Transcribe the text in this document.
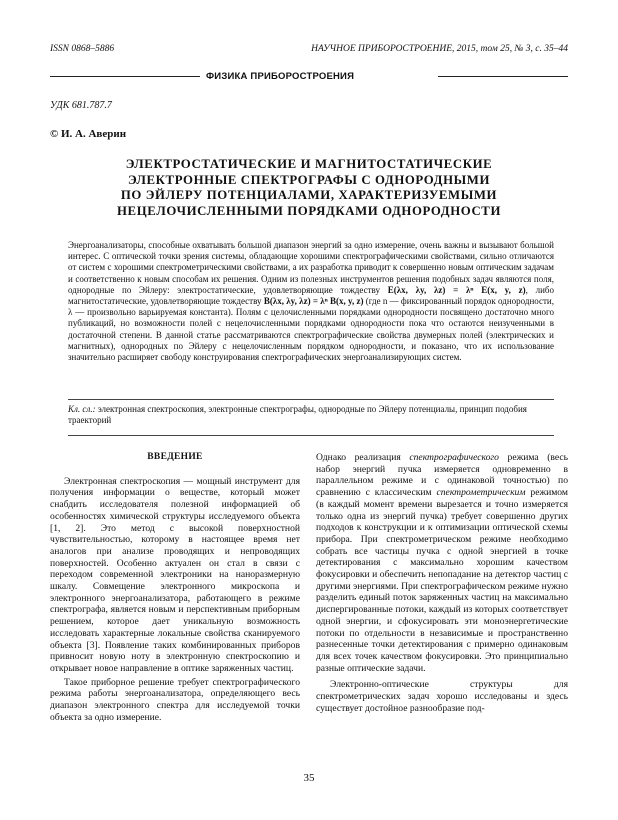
ISSN 0868–5886	НАУЧНОЕ ПРИБОРОСТРОЕНИЕ, 2015, том 25, № 3, с. 35–44
ФИЗИКА ПРИБОРОСТРОЕНИЯ
УДК 681.787.7
© И. А. Аверин
ЭЛЕКТРОСТАТИЧЕСКИЕ И МАГНИТОСТАТИЧЕСКИЕ
ЭЛЕКТРОННЫЕ СПЕКТРОГРАФЫ С ОДНОРОДНЫМИ
ПО ЭЙЛЕРУ ПОТЕНЦИАЛАМИ, ХАРАКТЕРИЗУЕМЫМИ
НЕЦЕЛОЧИСЛЕННЫМИ ПОРЯДКАМИ ОДНОРОДНОСТИ
Энергоанализаторы, способные охватывать большой диапазон энергий за одно измерение, очень важны и вызывают большой интерес. С оптической точки зрения системы, обладающие хорошими спектрографическими свойствами, сильно отличаются от систем с хорошими спектрометрическими свойствами, а их разработка приводит к совершенно новым оптическим задачам и соответственно к новым способам их решения. Одним из полезных инструментов решения подобных задач являются поля, однородные по Эйлеру: электростатические, удовлетворяющие тождеству E(λx, λy, λz) = λⁿ E(x, y, z), либо магнитостатические, удовлетворяющие тождеству B(λx, λy, λz) = λⁿ B(x, y, z) (где n — фиксированный порядок однородности, λ — произвольно варьируемая константа). Полям с целочисленными порядками однородности посвящено достаточно много публикаций, но возможности полей с нецелочисленными порядками однородности пока что остаются неизученными в достаточной степени. В данной статье рассматриваются спектрографические свойства двумерных полей (электрических и магнитных), однородных по Эйлеру с нецелочисленным порядком однородности, и показано, что их использование значительно расширяет свободу конструирования спектрографических энергоанализирующих систем.
Кл. сл.: электронная спектроскопия, электронные спектрографы, однородные по Эйлеру потенциалы, принцип подобия траекторий
ВВЕДЕНИЕ

Электронная спектроскопия — мощный инструмент для получения информации о веществе, который может снабдить исследователя полезной информацией об особенностях химической структуры исследуемого объекта [1, 2]. Это метод с высокой поверхностной чувствительностью, которому в настоящее время нет аналогов при анализе проводящих и непроводящих поверхностей. Особенно актуален он стал в связи с переходом современной электроники на наноразмерную шкалу. Совмещение электронного микроскопа и электронного энергоанализатора, работающего в режиме спектрографа, является новым и перспективным приборным решением, которое дает уникальную возможность исследовать характерные локальные свойства сканируемого объекта [3]. Появление таких комбинированных приборов привносит новую ноту в электронную спектроскопию и открывает новое направление в оптике заряженных частиц.

Такое приборное решение требует спектрографического режима работы энергоанализатора, определяющего весь диапазон электронного спектра для исследуемой точки объекта за одно измерение.

Однако реализация спектрографического режима (весь набор энергий пучка измеряется одновременно в параллельном режиме и с одинаковой точностью) по сравнению с классическим спектрометрическим режимом (в каждый момент времени вырезается и точно измеряется только одна из энергий пучка) требует совершенно других подходов к конструкции и к оптимизации оптической схемы прибора. При спектрометрическом режиме необходимо собрать все частицы пучка с одной энергией в точке детектирования с максимально хорошим качеством фокусировки и обеспечить непопадание на детектор частиц с другими энергиями. При спектрографическом режиме нужно разделить единый поток заряженных частиц на максимально диспергированные потоки, каждый из которых соответствует одной энергии, и сфокусировать эти моноэнергетические потоки по отдельности в независимые и пространственно разнесенные точки детектирования с примерно одинаковым для всех точек качеством фокусировки. Это принципиально разные оптические задачи.

Электронно-оптические структуры для спектрометрических задач хорошо исследованы и здесь существует достойное разнообразие под-

35
